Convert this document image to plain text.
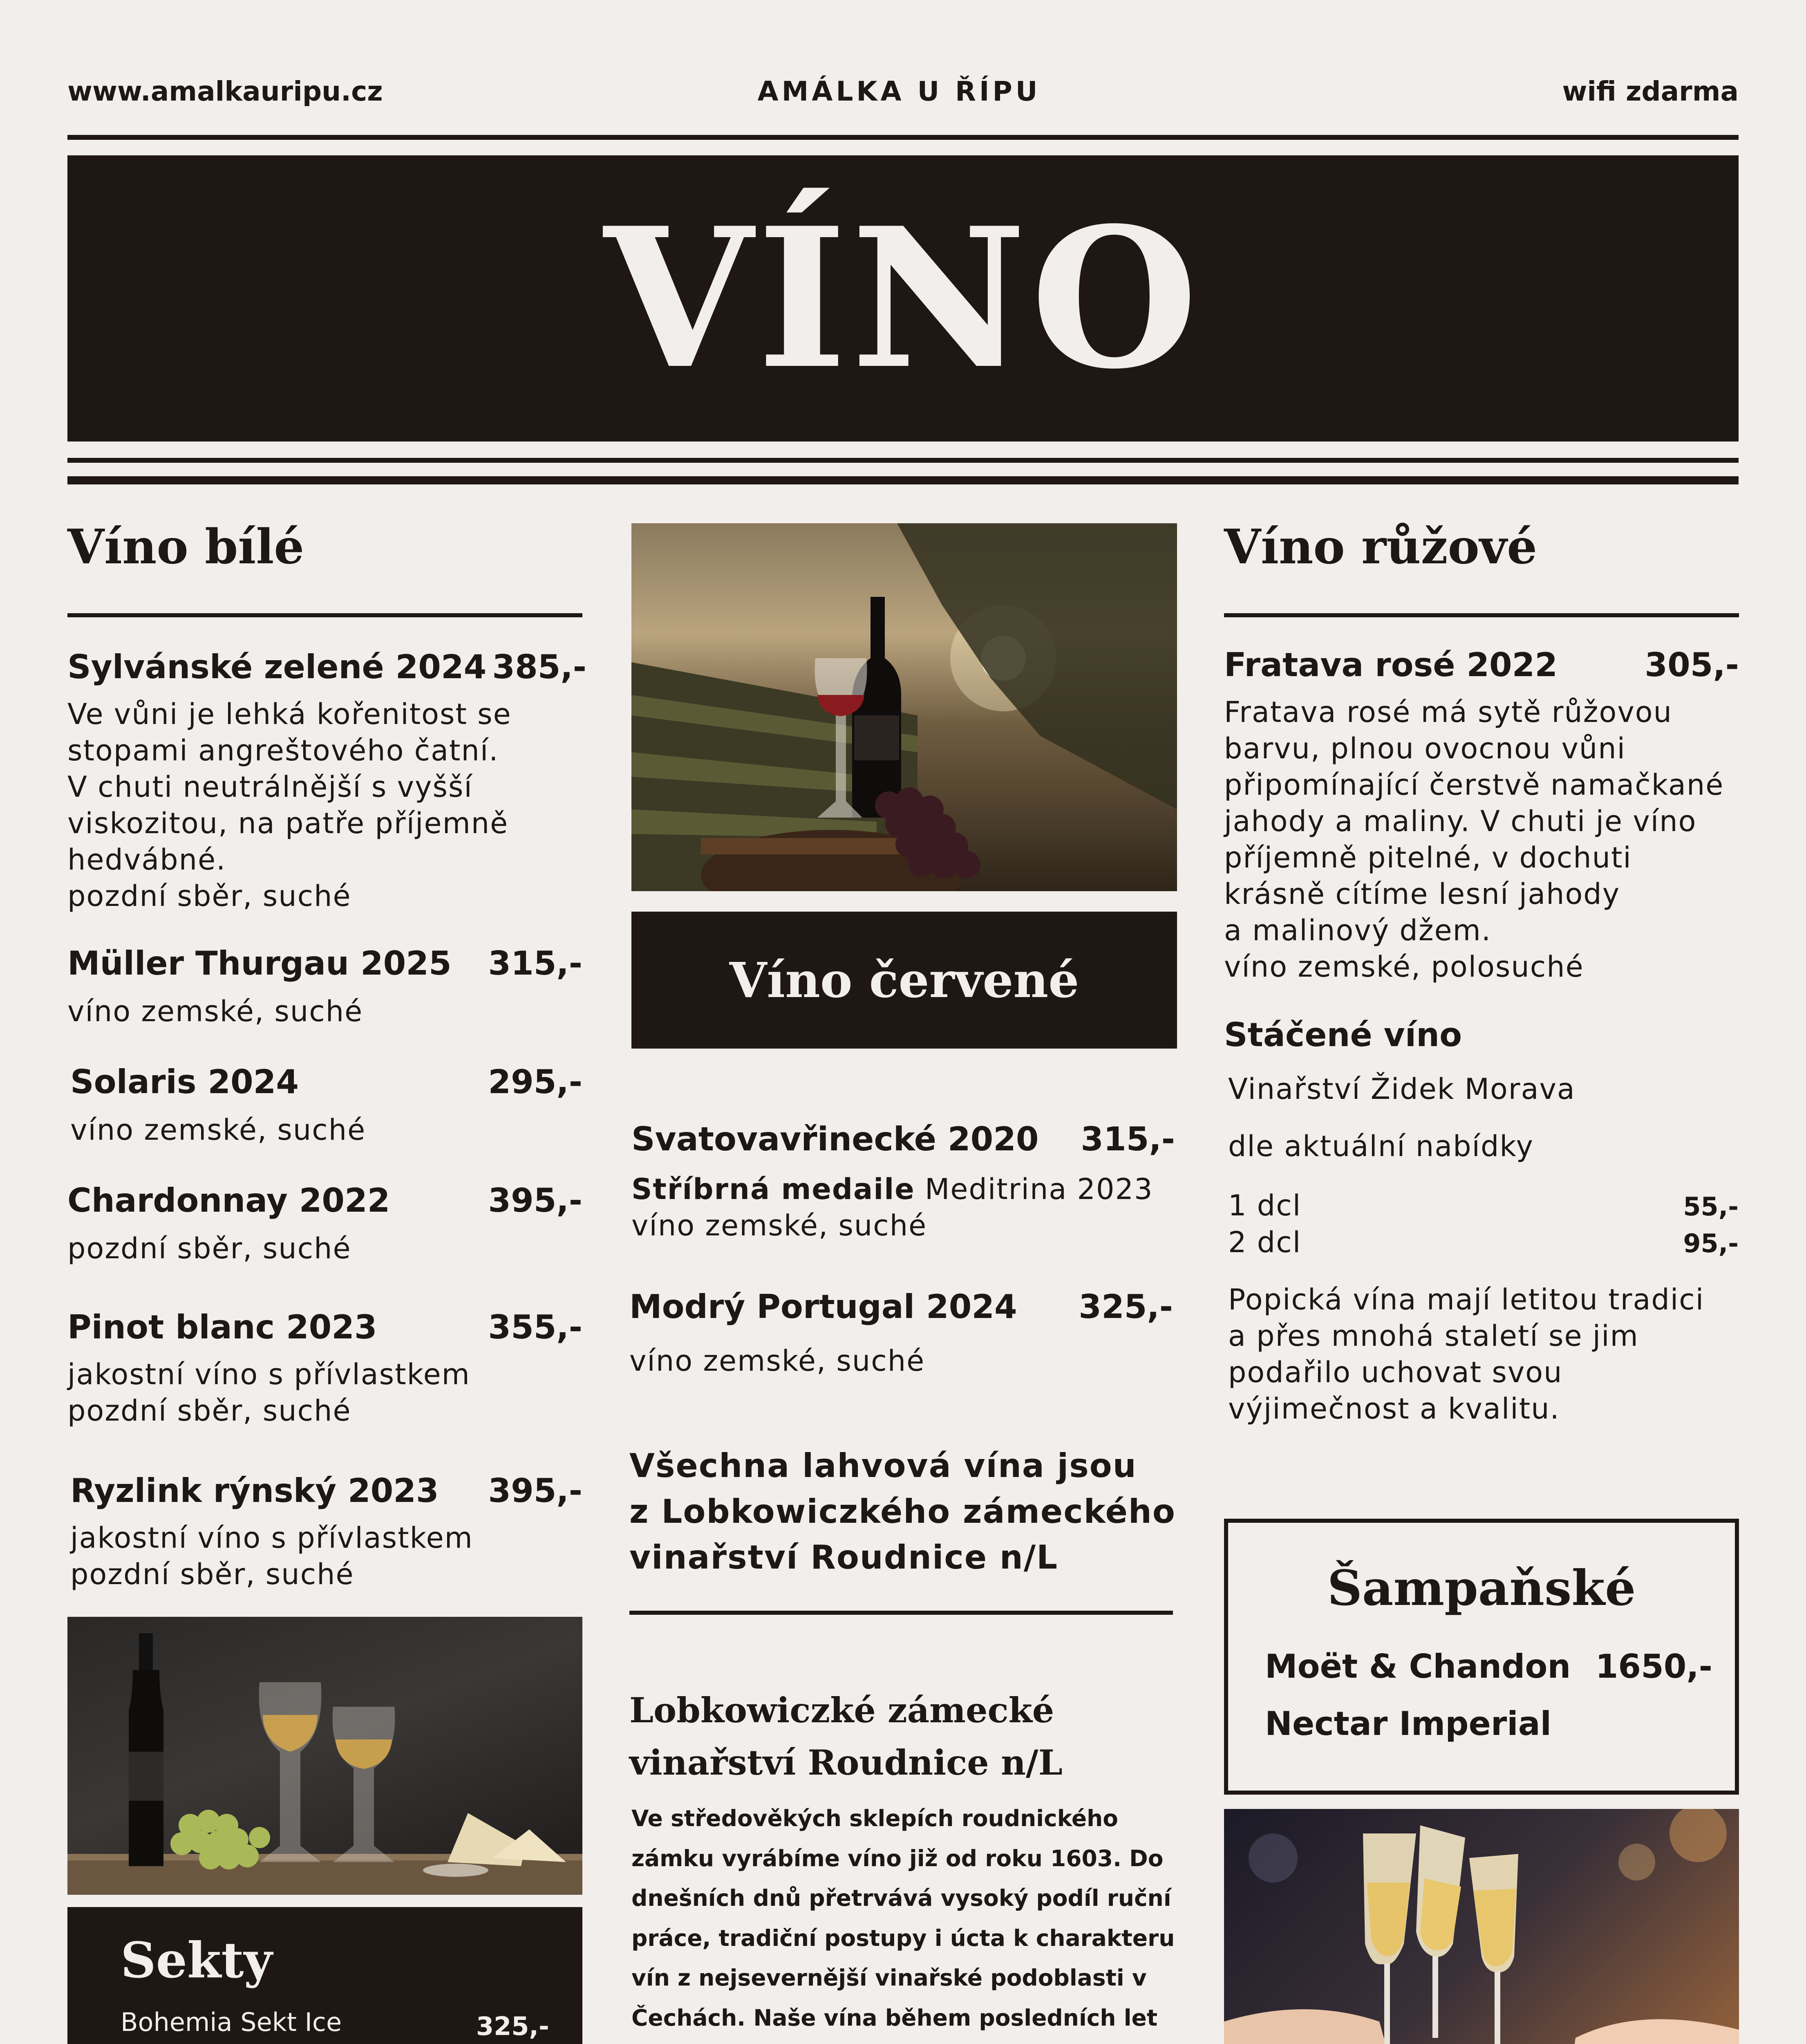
www.amalkauripu.cz	AMÁLKA U ŘÍPU	wifi zdarma
VÍNO
Víno bílé
Sylvánské zelené 2024 385,-
Ve vůni je lehká kořenitost se
stopami angreštového čatní.
V chuti neutrálnější s vyšší
viskozitou, na patře příjemně
hedvábné.
pozdní sběr, suché
Müller Thurgau 2025 315,-
víno zemské, suché
Solaris 2024	295,-
víno zemské, suché
Chardonnay 2022	395,-
pozdní sběr, suché
Pinot blanc 2023	355,-
jakostní víno s přívlastkem
pozdní sběr, suché
Ryzlink rýnský 2023 395,-
jakostní víno s přívlastkem
pozdní sběr, suché
Sekty
Bohemia Sekt Ice	325,-
Víno červené
Svatovavřinecké 2020 315,-
Stříbrná medaile Meditrina 2023
víno zemské, suché
Modrý Portugal 2024 325,-
víno zemské, suché
Všechna lahvová vína jsou
z Lobkowiczkého zámeckého
vinařství Roudnice n/L
Lobkowiczké zámecké
vinařství Roudnice n/L
Ve středověkých sklepích roudnického
zámku vyrábíme víno již od roku 1603. Do
dnešních dnů přetrvává vysoký podíl ruční
práce, tradiční postupy i úcta k charakteru
vín z nejsevernější vinařské podoblasti v
Čechách. Naše vína během posledních let
Víno růžové
Fratava rosé 2022	305,-
Fratava rosé má sytě růžovou
barvu, plnou ovocnou vůni
připomínající čerstvě namačkané
jahody a maliny. V chuti je víno
příjemně pitelné, v dochuti
krásně cítíme lesní jahody
a malinový džem.
víno zemské, polosuché
Stáčené víno
Vinařství Židek Morava
dle aktuální nabídky
1 dcl	55,-
2 dcl	95,-
Popická vína mají letitou tradici
a přes mnohá staletí se jim
podařilo uchovat svou
výjimečnost a kvalitu.
Šampaňské
Moët & Chandon 1650,-
Nectar Imperial
